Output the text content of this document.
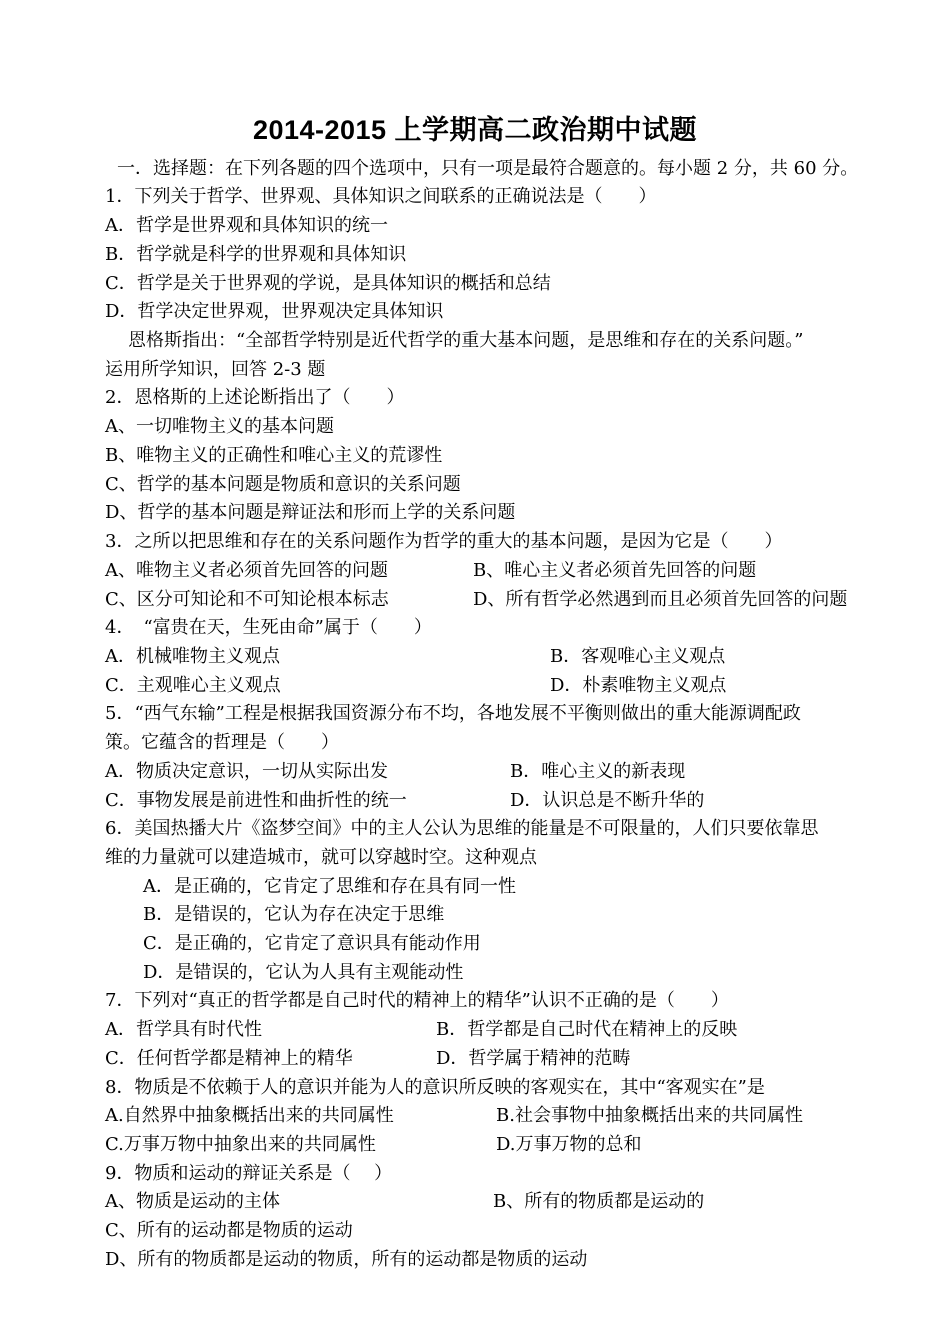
2014-2015 上学期高二政治期中试题
一．选择题：在下列各题的四个选项中，只有一项是最符合题意的。每小题 2 分，共 60 分。
1．下列关于哲学、世界观、具体知识之间联系的正确说法是（　　）
A．哲学是世界观和具体知识的统一
B．哲学就是科学的世界观和具体知识
C．哲学是关于世界观的学说，是具体知识的概括和总结
D．哲学决定世界观，世界观决定具体知识
恩格斯指出：“全部哲学特别是近代哲学的重大基本问题，是思维和存在的关系问题。”
运用所学知识，回答 2-3 题
2．恩格斯的上述论断指出了（　　）
A、一切唯物主义的基本问题
B、唯物主义的正确性和唯心主义的荒谬性
C、哲学的基本问题是物质和意识的关系问题
D、哲学的基本问题是辩证法和形而上学的关系问题
3．之所以把思维和存在的关系问题作为哲学的重大的基本问题，是因为它是（　　）
A、唯物主义者必须首先回答的问题	B、唯心主义者必须首先回答的问题
C、区分可知论和不可知论根本标志	D、所有哲学必然遇到而且必须首先回答的问题
4．　“富贵在天，生死由命”属于（　　）
A．机械唯物主义观点	B．客观唯心主义观点
C．主观唯心主义观点	D．朴素唯物主义观点
5．“西气东输”工程是根据我国资源分布不均，各地发展不平衡则做出的重大能源调配政
策。它蕴含的哲理是（　　）
A．物质决定意识，一切从实际出发	B．唯心主义的新表现
C．事物发展是前进性和曲折性的统一	D．认识总是不断升华的
6．美国热播大片《盗梦空间》中的主人公认为思维的能量是不可限量的，人们只要依靠思
维的力量就可以建造城市，就可以穿越时空。这种观点
A．是正确的，它肯定了思维和存在具有同一性
B．是错误的，它认为存在决定于思维
C．是正确的，它肯定了意识具有能动作用
D．是错误的，它认为人具有主观能动性
7．下列对“真正的哲学都是自己时代的精神上的精华”认识不正确的是（　　）
A．哲学具有时代性	B．哲学都是自己时代在精神上的反映
C．任何哲学都是精神上的精华	D．哲学属于精神的范畴
8．物质是不依赖于人的意识并能为人的意识所反映的客观实在，其中“客观实在”是
A.自然界中抽象概括出来的共同属性	B.社会事物中抽象概括出来的共同属性
C.万事万物中抽象出来的共同属性	D.万事万物的总和
9．物质和运动的辩证关系是（　 ）
A、物质是运动的主体	B、所有的物质都是运动的
C、所有的运动都是物质的运动
D、所有的物质都是运动的物质，所有的运动都是物质的运动
